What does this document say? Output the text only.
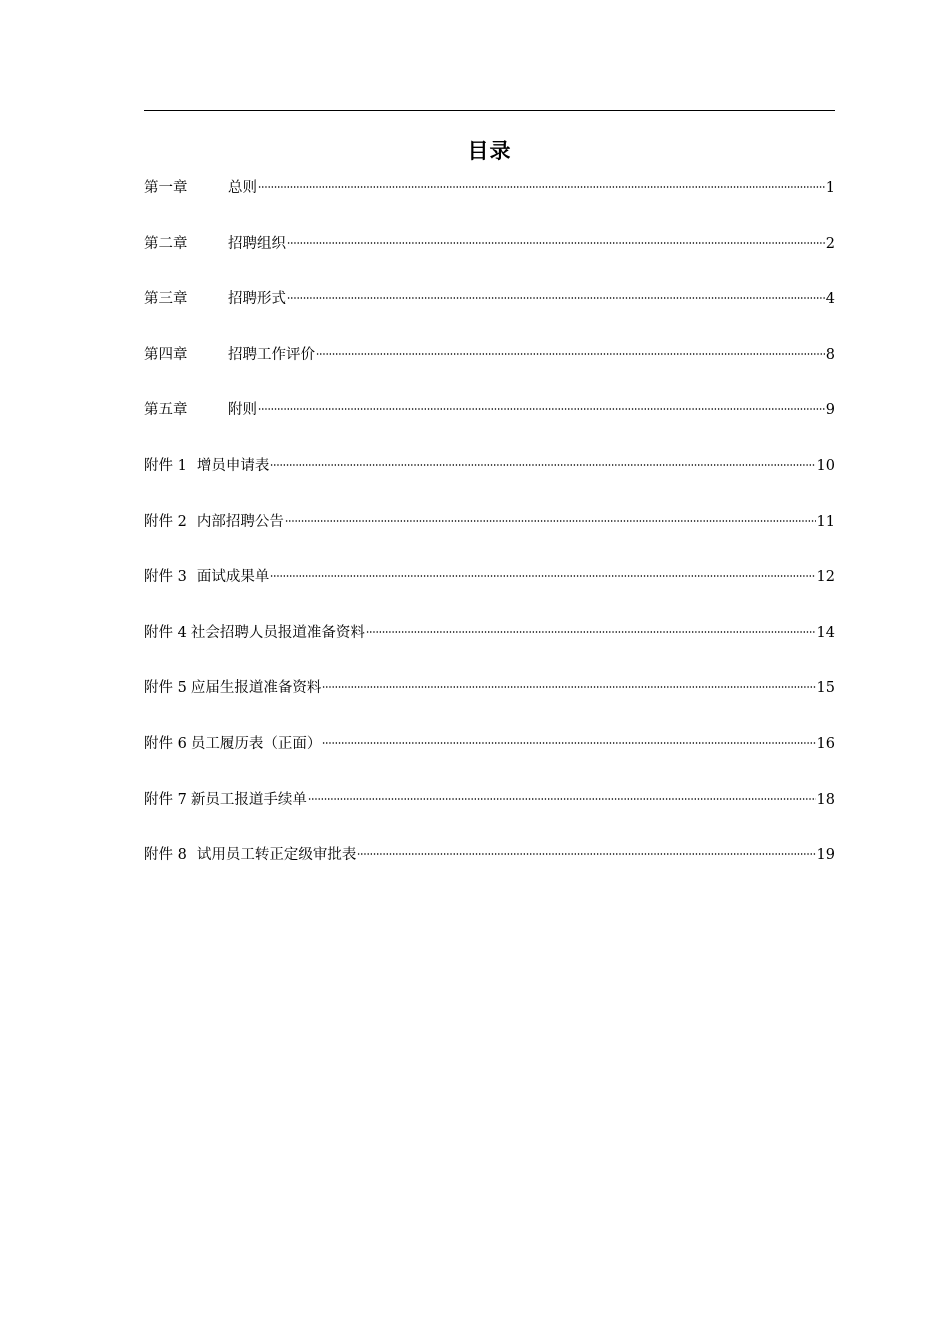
目录
第一章	总则	1
第二章	招聘组织	2
第三章	招聘形式	4
第四章	招聘工作评价	8
第五章	附则	9
附件 1 增员申请表	10
附件 2 内部招聘公告	11
附件 3 面试成果单	12
附件 4 社会招聘人员报道准备资料	14
附件 5 应届生报道准备资料	15
附件 6 员工履历表（正面）	16
附件 7 新员工报道手续单	18
附件 8 试用员工转正定级审批表	19
